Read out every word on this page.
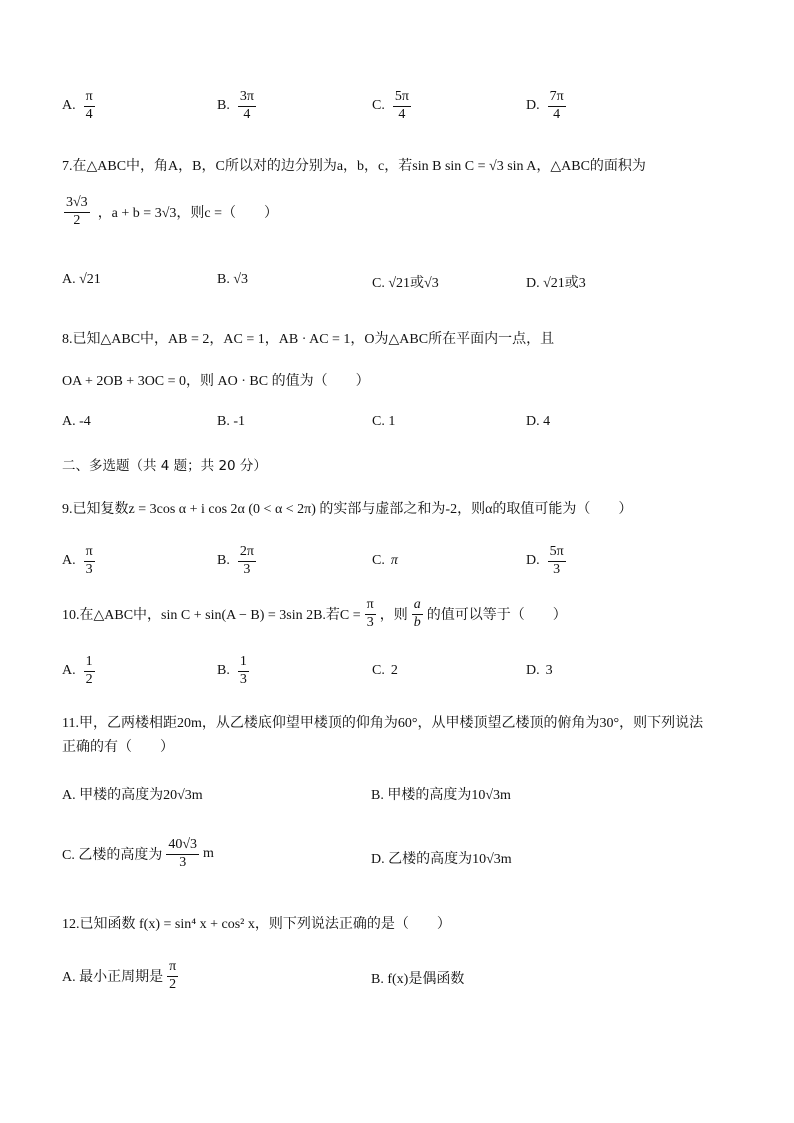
A. $\frac{\pi}{4}$	B. $\frac{3\pi}{4}$	C. $\frac{5\pi}{4}$	D. $\frac{7\pi}{4}$
7.在△ABC中，角A，B，C所以对的边分别为a，b，c，若sin B sin C = √3 sin A，△ABC的面积为
$\frac{3√3}{2}$ ，a + b = 3√3，则c =（　　）
A. √21	B. √3	C. √21或√3	D. √21或3
8.已知△ABC中，AB = 2，AC = 1，AB · AC = 1，O为△ABC所在平面内一点，且
OA + 2OB + 3OC = 0，则 AO · BC 的值为（　　）
A. -4	B. -1	C. 1	D. 4
二、多选题（共 4 题；共 20 分）
9.已知复数z = 3cos α + i cos 2α (0 < α < 2π) 的实部与虚部之和为-2，则α的取值可能为（　　）
A. $\frac{\pi}{3}$	B. $\frac{2\pi}{3}$	C. π	D. $\frac{5\pi}{3}$
10.在△ABC中，sin C + sin(A − B) = 3sin 2B.若$C = \frac{\pi}{3}$ ，则 $\frac{a}{b}$ 的值可以等于（　　）
A. $\frac{1}{2}$	B. $\frac{1}{3}$	C. 2	D. 3
11.甲，乙两楼相距20m，从乙楼底仰望甲楼顶的仰角为60°，从甲楼顶望乙楼顶的俯角为30°，则下列说法
正确的有（　　）
A. 甲楼的高度为20√3m	B. 甲楼的高度为10√3m
C. 乙楼的高度为 $\frac{40√3}{3}$ m	D. 乙楼的高度为10√3m
12.已知函数 f(x) = sin⁴ x + cos² x，则下列说法正确的是（　　）
A. 最小正周期是 $\frac{\pi}{2}$	B. f(x)是偶函数
